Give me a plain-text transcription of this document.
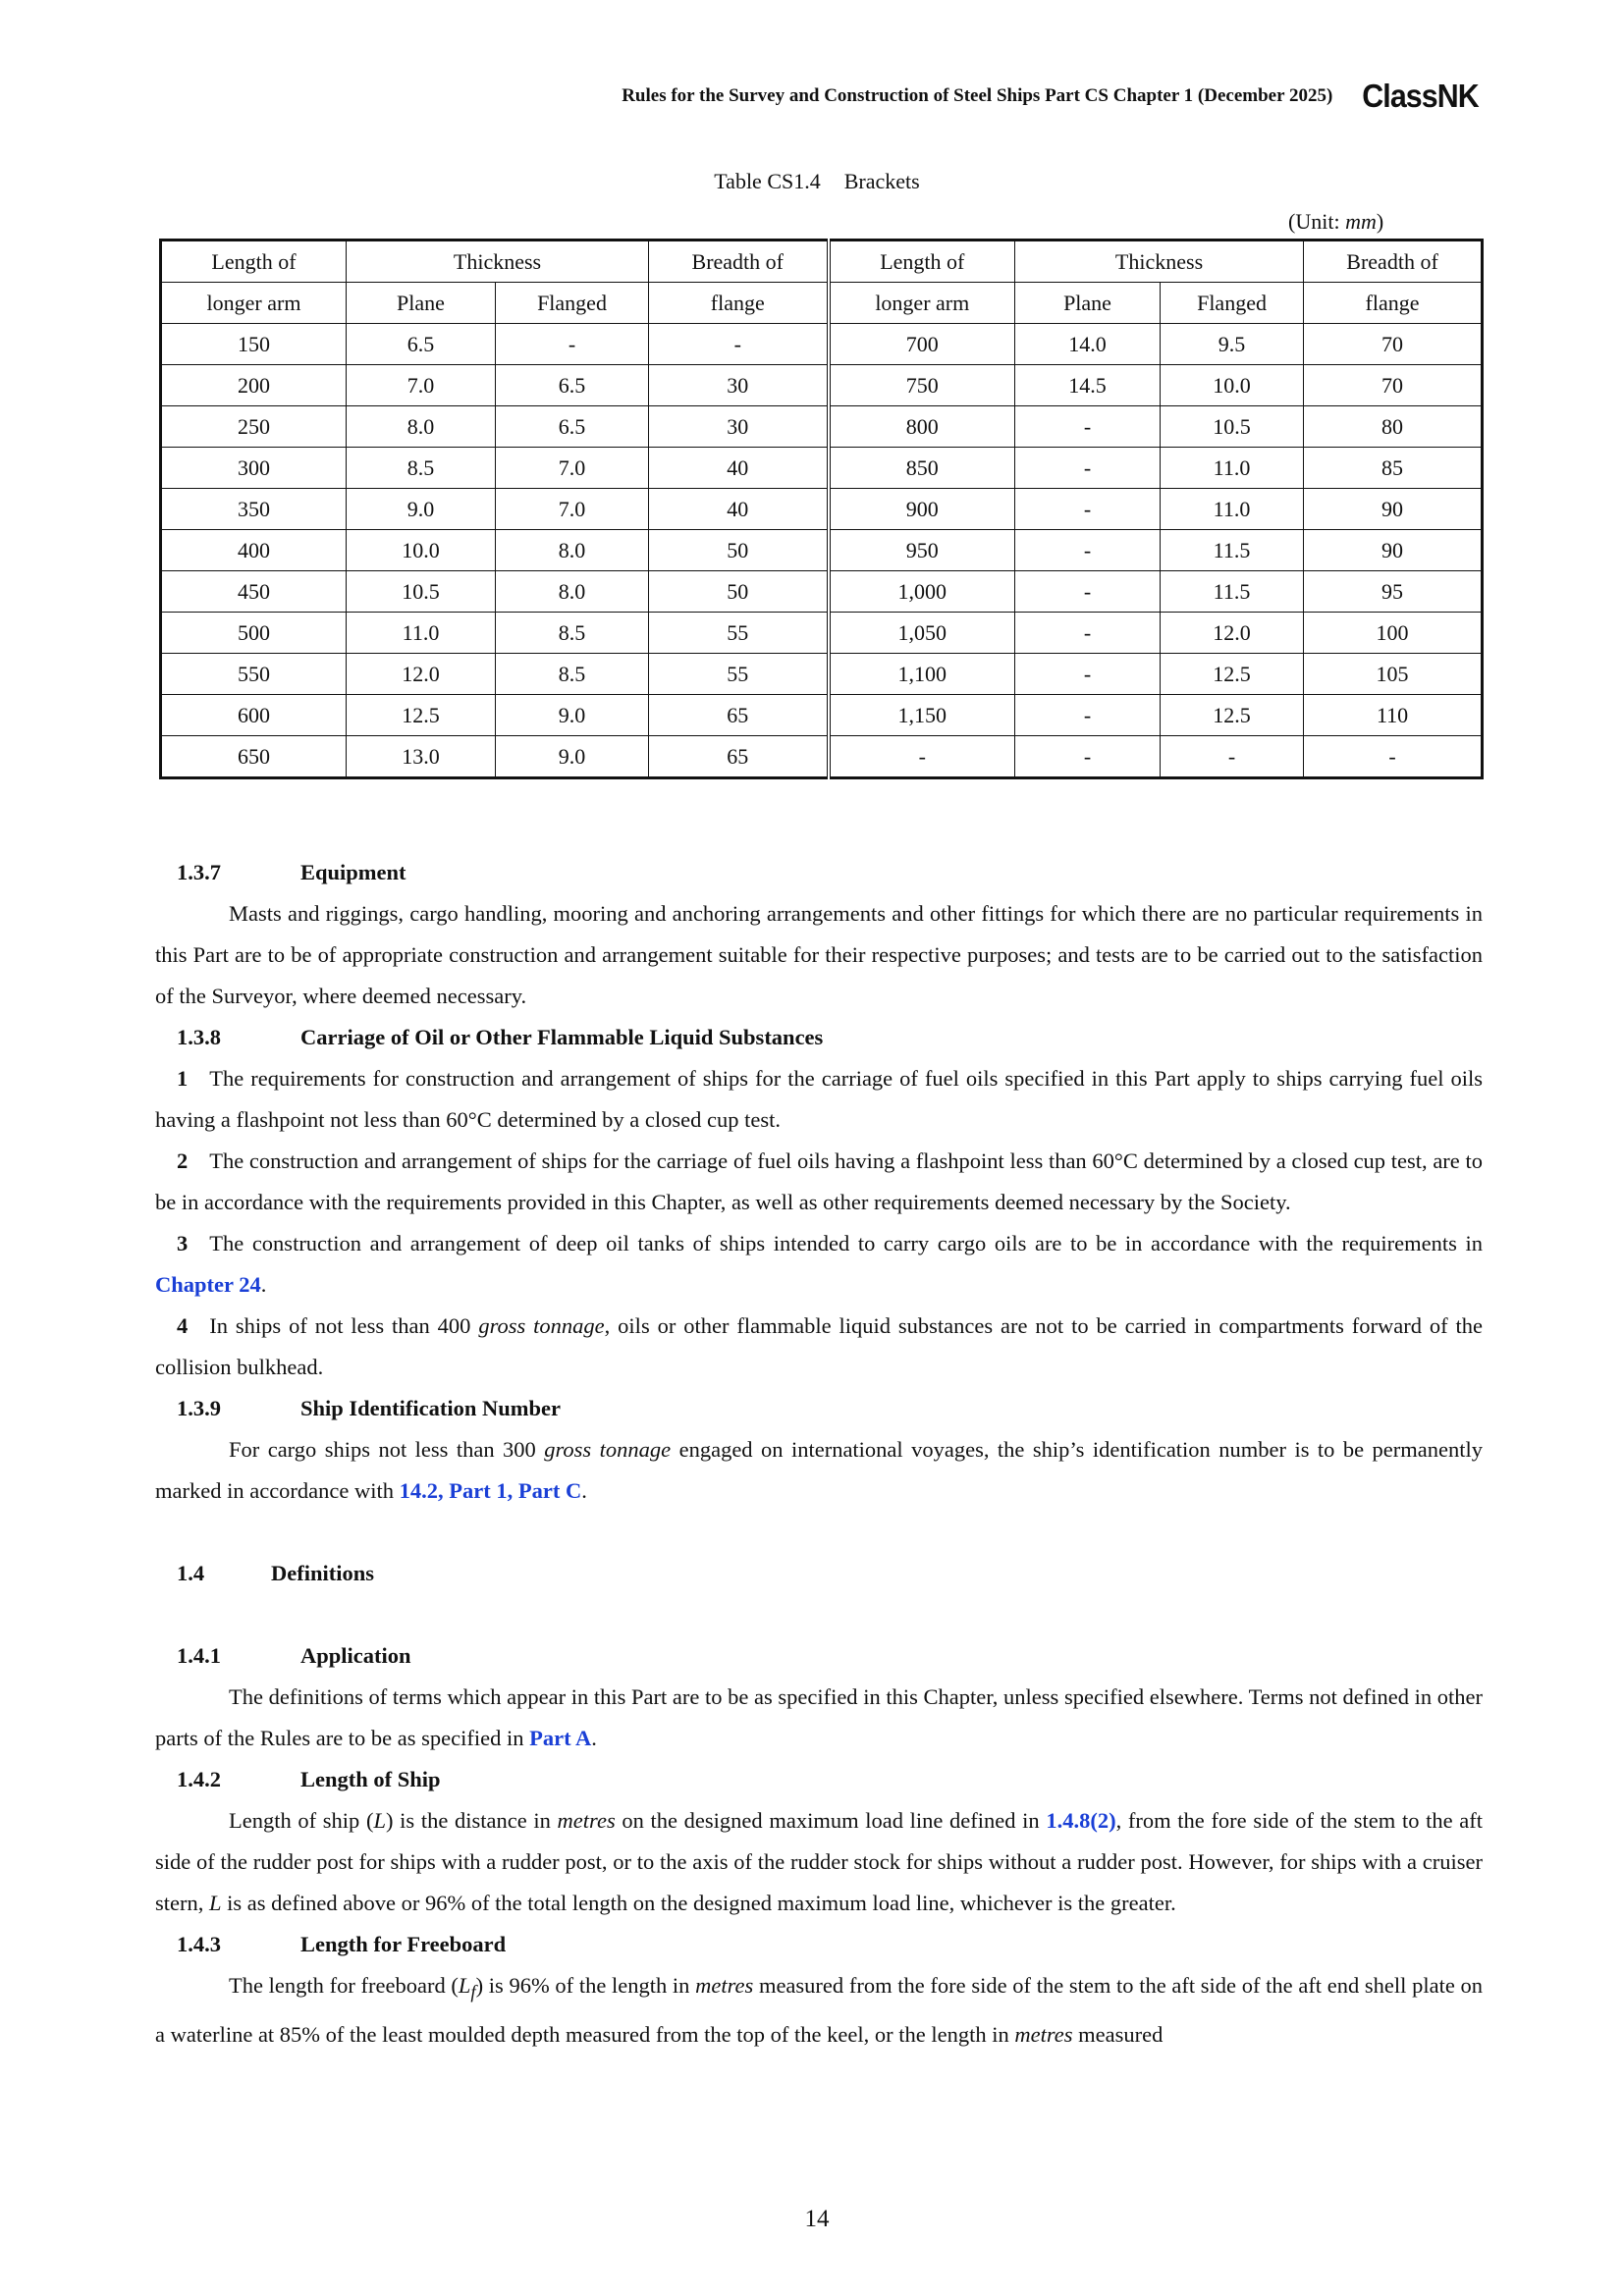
Rules for the Survey and Construction of Steel Ships Part CS Chapter 1 (December 2025) ClassNK
Table CS1.4 Brackets
(Unit: mm)
Length of	Thickness		Breadth of	Length of	Thickness		Breadth of
longer arm	Plane	Flanged	flange	longer arm	Plane	Flanged	flange
150	6.5	-	-	700	14.0	9.5	70
200	7.0	6.5	30	750	14.5	10.0	70
250	8.0	6.5	30	800	-	10.5	80
300	8.5	7.0	40	850	-	11.0	85
350	9.0	7.0	40	900	-	11.0	90
400	10.0	8.0	50	950	-	11.5	90
450	10.5	8.0	50	1,000	-	11.5	95
500	11.0	8.5	55	1,050	-	12.0	100
550	12.0	8.5	55	1,100	-	12.5	105
600	12.5	9.0	65	1,150	-	12.5	110
650	13.0	9.0	65	-	-	-	-

1.3.7	Equipment

Masts and riggings, cargo handling, mooring and anchoring arrangements and other fittings for which there are no particular requirements in this Part are to be of appropriate construction and arrangement suitable for their respective purposes; and tests are to be carried out to the satisfaction of the Surveyor, where deemed necessary.

1.3.8	Carriage of Oil or Other Flammable Liquid Substances

1 The requirements for construction and arrangement of ships for the carriage of fuel oils specified in this Part apply to ships carrying fuel oils having a flashpoint not less than 60°C determined by a closed cup test.

2 The construction and arrangement of ships for the carriage of fuel oils having a flashpoint less than 60°C determined by a closed cup test, are to be in accordance with the requirements provided in this Chapter, as well as other requirements deemed necessary by the Society.

3 The construction and arrangement of deep oil tanks of ships intended to carry cargo oils are to be in accordance with the requirements in Chapter 24.

4 In ships of not less than 400 gross tonnage, oils or other flammable liquid substances are not to be carried in compartments forward of the collision bulkhead.

1.3.9	Ship Identification Number

For cargo ships not less than 300 gross tonnage engaged on international voyages, the ship’s identification number is to be permanently marked in accordance with 14.2, Part 1, Part C.

1.4	Definitions

1.4.1	Application

The definitions of terms which appear in this Part are to be as specified in this Chapter, unless specified elsewhere. Terms not defined in other parts of the Rules are to be as specified in Part A.

1.4.2	Length of Ship

Length of ship (L) is the distance in metres on the designed maximum load line defined in 1.4.8(2), from the fore side of the stem to the aft side of the rudder post for ships with a rudder post, or to the axis of the rudder stock for ships without a rudder post. However, for ships with a cruiser stern, L is as defined above or 96% of the total length on the designed maximum load line, whichever is the greater.

1.4.3	Length for Freeboard

The length for freeboard $(L_f)$ is 96% of the length in metres measured from the fore side of the stem to the aft side of the aft end shell plate on a waterline at 85% of the least moulded depth measured from the top of the keel, or the length in metres measured

14
